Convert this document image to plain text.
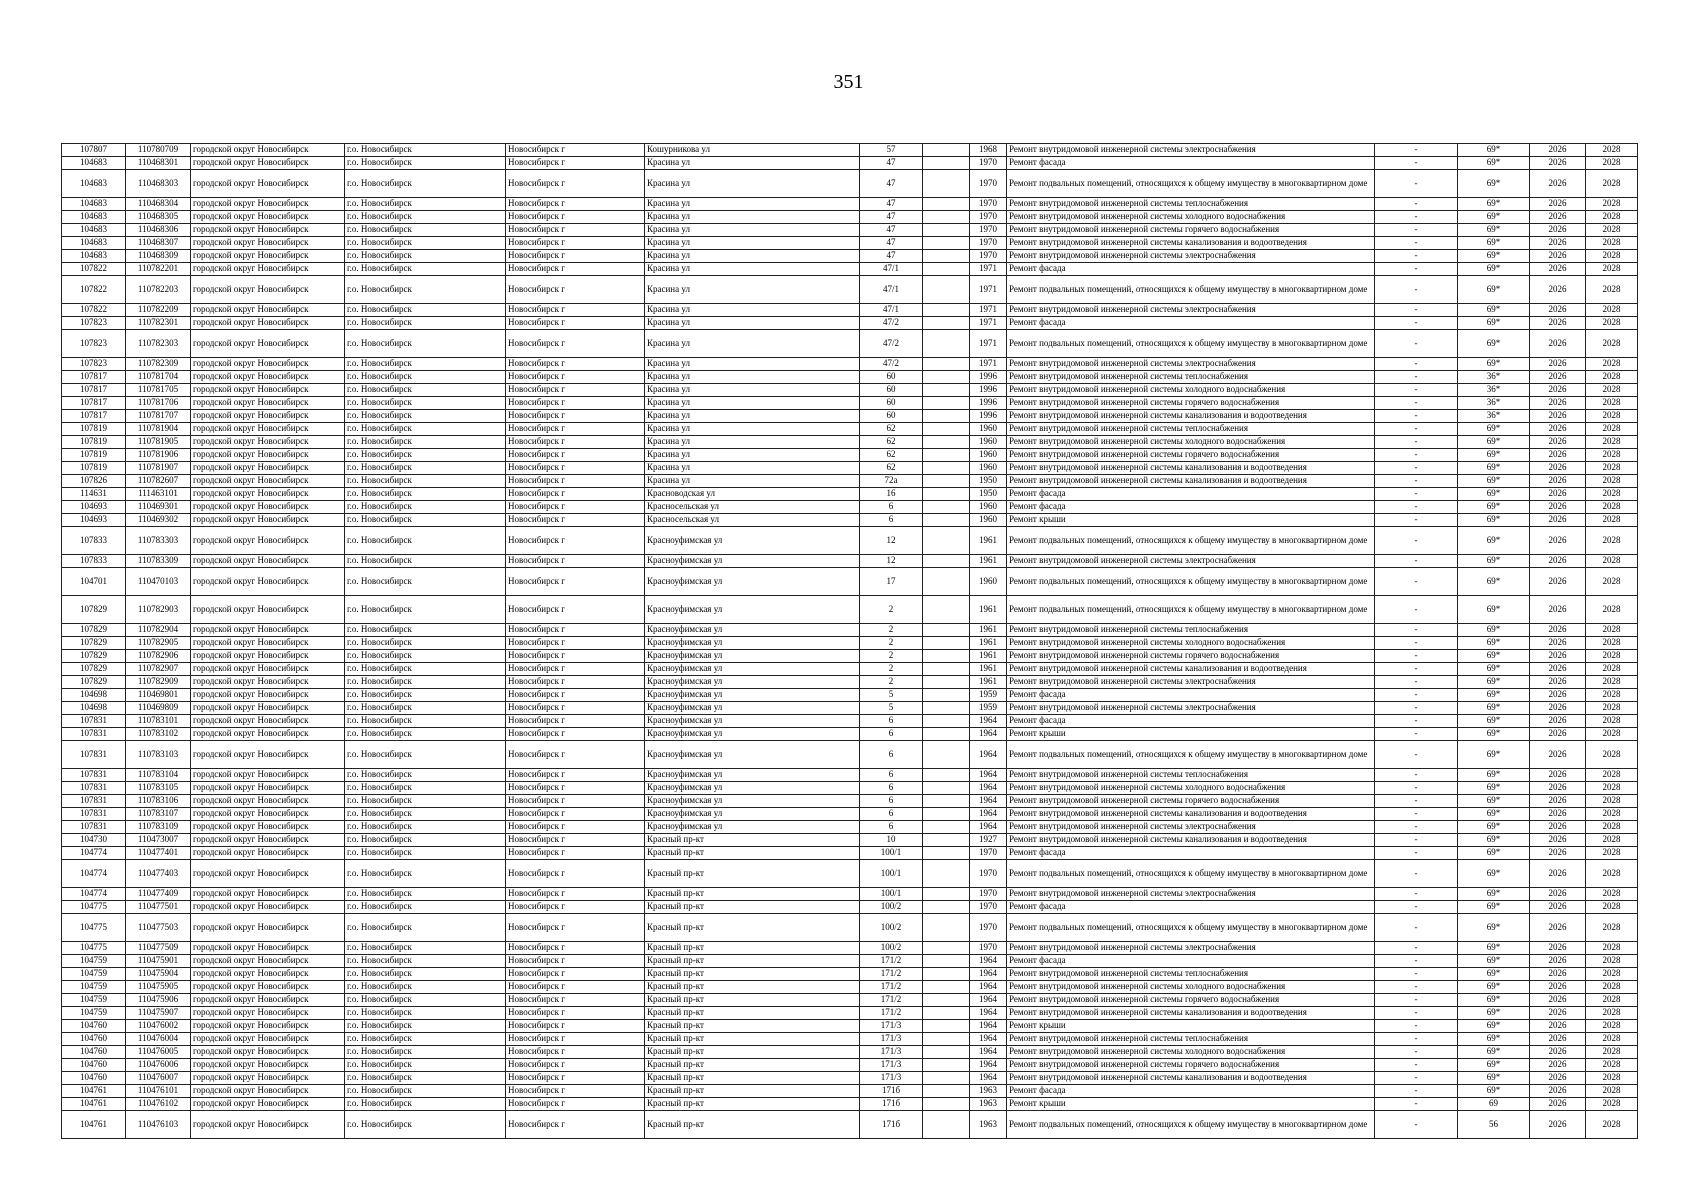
351
107807	110780709	городской округ Новосибирск	г.о. Новосибирск	Новосибирск г	Кошурникова ул	57		1968	Ремонт внутридомовой инженерной системы электроснабжения	-	69*	2026	2028
104683	110468301	городской округ Новосибирск	г.о. Новосибирск	Новосибирск г	Красина ул	47		1970	Ремонт фасада	-	69*	2026	2028
104683	110468303	городской округ Новосибирск	г.о. Новосибирск	Новосибирск г	Красина ул	47		1970	Ремонт подвальных помещений, относящихся к общему имуществу в многоквартирном доме	-	69*	2026	2028
104683	110468304	городской округ Новосибирск	г.о. Новосибирск	Новосибирск г	Красина ул	47		1970	Ремонт внутридомовой инженерной системы теплоснабжения	-	69*	2026	2028
104683	110468305	городской округ Новосибирск	г.о. Новосибирск	Новосибирск г	Красина ул	47		1970	Ремонт внутридомовой инженерной системы холодного водоснабжения	-	69*	2026	2028
104683	110468306	городской округ Новосибирск	г.о. Новосибирск	Новосибирск г	Красина ул	47		1970	Ремонт внутридомовой инженерной системы горячего водоснабжения	-	69*	2026	2028
104683	110468307	городской округ Новосибирск	г.о. Новосибирск	Новосибирск г	Красина ул	47		1970	Ремонт внутридомовой инженерной системы канализования и водоотведения	-	69*	2026	2028
104683	110468309	городской округ Новосибирск	г.о. Новосибирск	Новосибирск г	Красина ул	47		1970	Ремонт внутридомовой инженерной системы электроснабжения	-	69*	2026	2028
107822	110782201	городской округ Новосибирск	г.о. Новосибирск	Новосибирск г	Красина ул	47/1		1971	Ремонт фасада	-	69*	2026	2028
107822	110782203	городской округ Новосибирск	г.о. Новосибирск	Новосибирск г	Красина ул	47/1		1971	Ремонт подвальных помещений, относящихся к общему имуществу в многоквартирном доме	-	69*	2026	2028
107822	110782209	городской округ Новосибирск	г.о. Новосибирск	Новосибирск г	Красина ул	47/1		1971	Ремонт внутридомовой инженерной системы электроснабжения	-	69*	2026	2028
107823	110782301	городской округ Новосибирск	г.о. Новосибирск	Новосибирск г	Красина ул	47/2		1971	Ремонт фасада	-	69*	2026	2028
107823	110782303	городской округ Новосибирск	г.о. Новосибирск	Новосибирск г	Красина ул	47/2		1971	Ремонт подвальных помещений, относящихся к общему имуществу в многоквартирном доме	-	69*	2026	2028
107823	110782309	городской округ Новосибирск	г.о. Новосибирск	Новосибирск г	Красина ул	47/2		1971	Ремонт внутридомовой инженерной системы электроснабжения	-	69*	2026	2028
107817	110781704	городской округ Новосибирск	г.о. Новосибирск	Новосибирск г	Красина ул	60		1996	Ремонт внутридомовой инженерной системы теплоснабжения	-	36*	2026	2028
107817	110781705	городской округ Новосибирск	г.о. Новосибирск	Новосибирск г	Красина ул	60		1996	Ремонт внутридомовой инженерной системы холодного водоснабжения	-	36*	2026	2028
107817	110781706	городской округ Новосибирск	г.о. Новосибирск	Новосибирск г	Красина ул	60		1996	Ремонт внутридомовой инженерной системы горячего водоснабжения	-	36*	2026	2028
107817	110781707	городской округ Новосибирск	г.о. Новосибирск	Новосибирск г	Красина ул	60		1996	Ремонт внутридомовой инженерной системы канализования и водоотведения	-	36*	2026	2028
107819	110781904	городской округ Новосибирск	г.о. Новосибирск	Новосибирск г	Красина ул	62		1960	Ремонт внутридомовой инженерной системы теплоснабжения	-	69*	2026	2028
107819	110781905	городской округ Новосибирск	г.о. Новосибирск	Новосибирск г	Красина ул	62		1960	Ремонт внутридомовой инженерной системы холодного водоснабжения	-	69*	2026	2028
107819	110781906	городской округ Новосибирск	г.о. Новосибирск	Новосибирск г	Красина ул	62		1960	Ремонт внутридомовой инженерной системы горячего водоснабжения	-	69*	2026	2028
107819	110781907	городской округ Новосибирск	г.о. Новосибирск	Новосибирск г	Красина ул	62		1960	Ремонт внутридомовой инженерной системы канализования и водоотведения	-	69*	2026	2028
107826	110782607	городской округ Новосибирск	г.о. Новосибирск	Новосибирск г	Красина ул	72а		1950	Ремонт внутридомовой инженерной системы канализования и водоотведения	-	69*	2026	2028
114631	111463101	городской округ Новосибирск	г.о. Новосибирск	Новосибирск г	Красноводская ул	16		1950	Ремонт фасада	-	69*	2026	2028
104693	110469301	городской округ Новосибирск	г.о. Новосибирск	Новосибирск г	Красносельская ул	6		1960	Ремонт фасада	-	69*	2026	2028
104693	110469302	городской округ Новосибирск	г.о. Новосибирск	Новосибирск г	Красносельская ул	6		1960	Ремонт крыши	-	69*	2026	2028
107833	110783303	городской округ Новосибирск	г.о. Новосибирск	Новосибирск г	Красноуфимская ул	12		1961	Ремонт подвальных помещений, относящихся к общему имуществу в многоквартирном доме	-	69*	2026	2028
107833	110783309	городской округ Новосибирск	г.о. Новосибирск	Новосибирск г	Красноуфимская ул	12		1961	Ремонт внутридомовой инженерной системы электроснабжения	-	69*	2026	2028
104701	110470103	городской округ Новосибирск	г.о. Новосибирск	Новосибирск г	Красноуфимская ул	17		1960	Ремонт подвальных помещений, относящихся к общему имуществу в многоквартирном доме	-	69*	2026	2028
107829	110782903	городской округ Новосибирск	г.о. Новосибирск	Новосибирск г	Красноуфимская ул	2		1961	Ремонт подвальных помещений, относящихся к общему имуществу в многоквартирном доме	-	69*	2026	2028
107829	110782904	городской округ Новосибирск	г.о. Новосибирск	Новосибирск г	Красноуфимская ул	2		1961	Ремонт внутридомовой инженерной системы теплоснабжения	-	69*	2026	2028
107829	110782905	городской округ Новосибирск	г.о. Новосибирск	Новосибирск г	Красноуфимская ул	2		1961	Ремонт внутридомовой инженерной системы холодного водоснабжения	-	69*	2026	2028
107829	110782906	городской округ Новосибирск	г.о. Новосибирск	Новосибирск г	Красноуфимская ул	2		1961	Ремонт внутридомовой инженерной системы горячего водоснабжения	-	69*	2026	2028
107829	110782907	городской округ Новосибирск	г.о. Новосибирск	Новосибирск г	Красноуфимская ул	2		1961	Ремонт внутридомовой инженерной системы канализования и водоотведения	-	69*	2026	2028
107829	110782909	городской округ Новосибирск	г.о. Новосибирск	Новосибирск г	Красноуфимская ул	2		1961	Ремонт внутридомовой инженерной системы электроснабжения	-	69*	2026	2028
104698	110469801	городской округ Новосибирск	г.о. Новосибирск	Новосибирск г	Красноуфимская ул	5		1959	Ремонт фасада	-	69*	2026	2028
104698	110469809	городской округ Новосибирск	г.о. Новосибирск	Новосибирск г	Красноуфимская ул	5		1959	Ремонт внутридомовой инженерной системы электроснабжения	-	69*	2026	2028
107831	110783101	городской округ Новосибирск	г.о. Новосибирск	Новосибирск г	Красноуфимская ул	6		1964	Ремонт фасада	-	69*	2026	2028
107831	110783102	городской округ Новосибирск	г.о. Новосибирск	Новосибирск г	Красноуфимская ул	6		1964	Ремонт крыши	-	69*	2026	2028
107831	110783103	городской округ Новосибирск	г.о. Новосибирск	Новосибирск г	Красноуфимская ул	6		1964	Ремонт подвальных помещений, относящихся к общему имуществу в многоквартирном доме	-	69*	2026	2028
107831	110783104	городской округ Новосибирск	г.о. Новосибирск	Новосибирск г	Красноуфимская ул	6		1964	Ремонт внутридомовой инженерной системы теплоснабжения	-	69*	2026	2028
107831	110783105	городской округ Новосибирск	г.о. Новосибирск	Новосибирск г	Красноуфимская ул	6		1964	Ремонт внутридомовой инженерной системы холодного водоснабжения	-	69*	2026	2028
107831	110783106	городской округ Новосибирск	г.о. Новосибирск	Новосибирск г	Красноуфимская ул	6		1964	Ремонт внутридомовой инженерной системы горячего водоснабжения	-	69*	2026	2028
107831	110783107	городской округ Новосибирск	г.о. Новосибирск	Новосибирск г	Красноуфимская ул	6		1964	Ремонт внутридомовой инженерной системы канализования и водоотведения	-	69*	2026	2028
107831	110783109	городской округ Новосибирск	г.о. Новосибирск	Новосибирск г	Красноуфимская ул	6		1964	Ремонт внутридомовой инженерной системы электроснабжения	-	69*	2026	2028
104730	110473007	городской округ Новосибирск	г.о. Новосибирск	Новосибирск г	Красный пр-кт	10		1927	Ремонт внутридомовой инженерной системы канализования и водоотведения	-	69*	2026	2028
104774	110477401	городской округ Новосибирск	г.о. Новосибирск	Новосибирск г	Красный пр-кт	100/1		1970	Ремонт фасада	-	69*	2026	2028
104774	110477403	городской округ Новосибирск	г.о. Новосибирск	Новосибирск г	Красный пр-кт	100/1		1970	Ремонт подвальных помещений, относящихся к общему имуществу в многоквартирном доме	-	69*	2026	2028
104774	110477409	городской округ Новосибирск	г.о. Новосибирск	Новосибирск г	Красный пр-кт	100/1		1970	Ремонт внутридомовой инженерной системы электроснабжения	-	69*	2026	2028
104775	110477501	городской округ Новосибирск	г.о. Новосибирск	Новосибирск г	Красный пр-кт	100/2		1970	Ремонт фасада	-	69*	2026	2028
104775	110477503	городской округ Новосибирск	г.о. Новосибирск	Новосибирск г	Красный пр-кт	100/2		1970	Ремонт подвальных помещений, относящихся к общему имуществу в многоквартирном доме	-	69*	2026	2028
104775	110477509	городской округ Новосибирск	г.о. Новосибирск	Новосибирск г	Красный пр-кт	100/2		1970	Ремонт внутридомовой инженерной системы электроснабжения	-	69*	2026	2028
104759	110475901	городской округ Новосибирск	г.о. Новосибирск	Новосибирск г	Красный пр-кт	171/2		1964	Ремонт фасада	-	69*	2026	2028
104759	110475904	городской округ Новосибирск	г.о. Новосибирск	Новосибирск г	Красный пр-кт	171/2		1964	Ремонт внутридомовой инженерной системы теплоснабжения	-	69*	2026	2028
104759	110475905	городской округ Новосибирск	г.о. Новосибирск	Новосибирск г	Красный пр-кт	171/2		1964	Ремонт внутридомовой инженерной системы холодного водоснабжения	-	69*	2026	2028
104759	110475906	городской округ Новосибирск	г.о. Новосибирск	Новосибирск г	Красный пр-кт	171/2		1964	Ремонт внутридомовой инженерной системы горячего водоснабжения	-	69*	2026	2028
104759	110475907	городской округ Новосибирск	г.о. Новосибирск	Новосибирск г	Красный пр-кт	171/2		1964	Ремонт внутридомовой инженерной системы канализования и водоотведения	-	69*	2026	2028
104760	110476002	городской округ Новосибирск	г.о. Новосибирск	Новосибирск г	Красный пр-кт	171/3		1964	Ремонт крыши	-	69*	2026	2028
104760	110476004	городской округ Новосибирск	г.о. Новосибирск	Новосибирск г	Красный пр-кт	171/3		1964	Ремонт внутридомовой инженерной системы теплоснабжения	-	69*	2026	2028
104760	110476005	городской округ Новосибирск	г.о. Новосибирск	Новосибирск г	Красный пр-кт	171/3		1964	Ремонт внутридомовой инженерной системы холодного водоснабжения	-	69*	2026	2028
104760	110476006	городской округ Новосибирск	г.о. Новосибирск	Новосибирск г	Красный пр-кт	171/3		1964	Ремонт внутридомовой инженерной системы горячего водоснабжения	-	69*	2026	2028
104760	110476007	городской округ Новосибирск	г.о. Новосибирск	Новосибирск г	Красный пр-кт	171/3		1964	Ремонт внутридомовой инженерной системы канализования и водоотведения	-	69*	2026	2028
104761	110476101	городской округ Новосибирск	г.о. Новосибирск	Новосибирск г	Красный пр-кт	171б		1963	Ремонт фасада	-	69*	2026	2028
104761	110476102	городской округ Новосибирск	г.о. Новосибирск	Новосибирск г	Красный пр-кт	171б		1963	Ремонт крыши	-	69	2026	2028
104761	110476103	городской округ Новосибирск	г.о. Новосибирск	Новосибирск г	Красный пр-кт	171б		1963	Ремонт подвальных помещений, относящихся к общему имуществу в многоквартирном доме	-	56	2026	2028
